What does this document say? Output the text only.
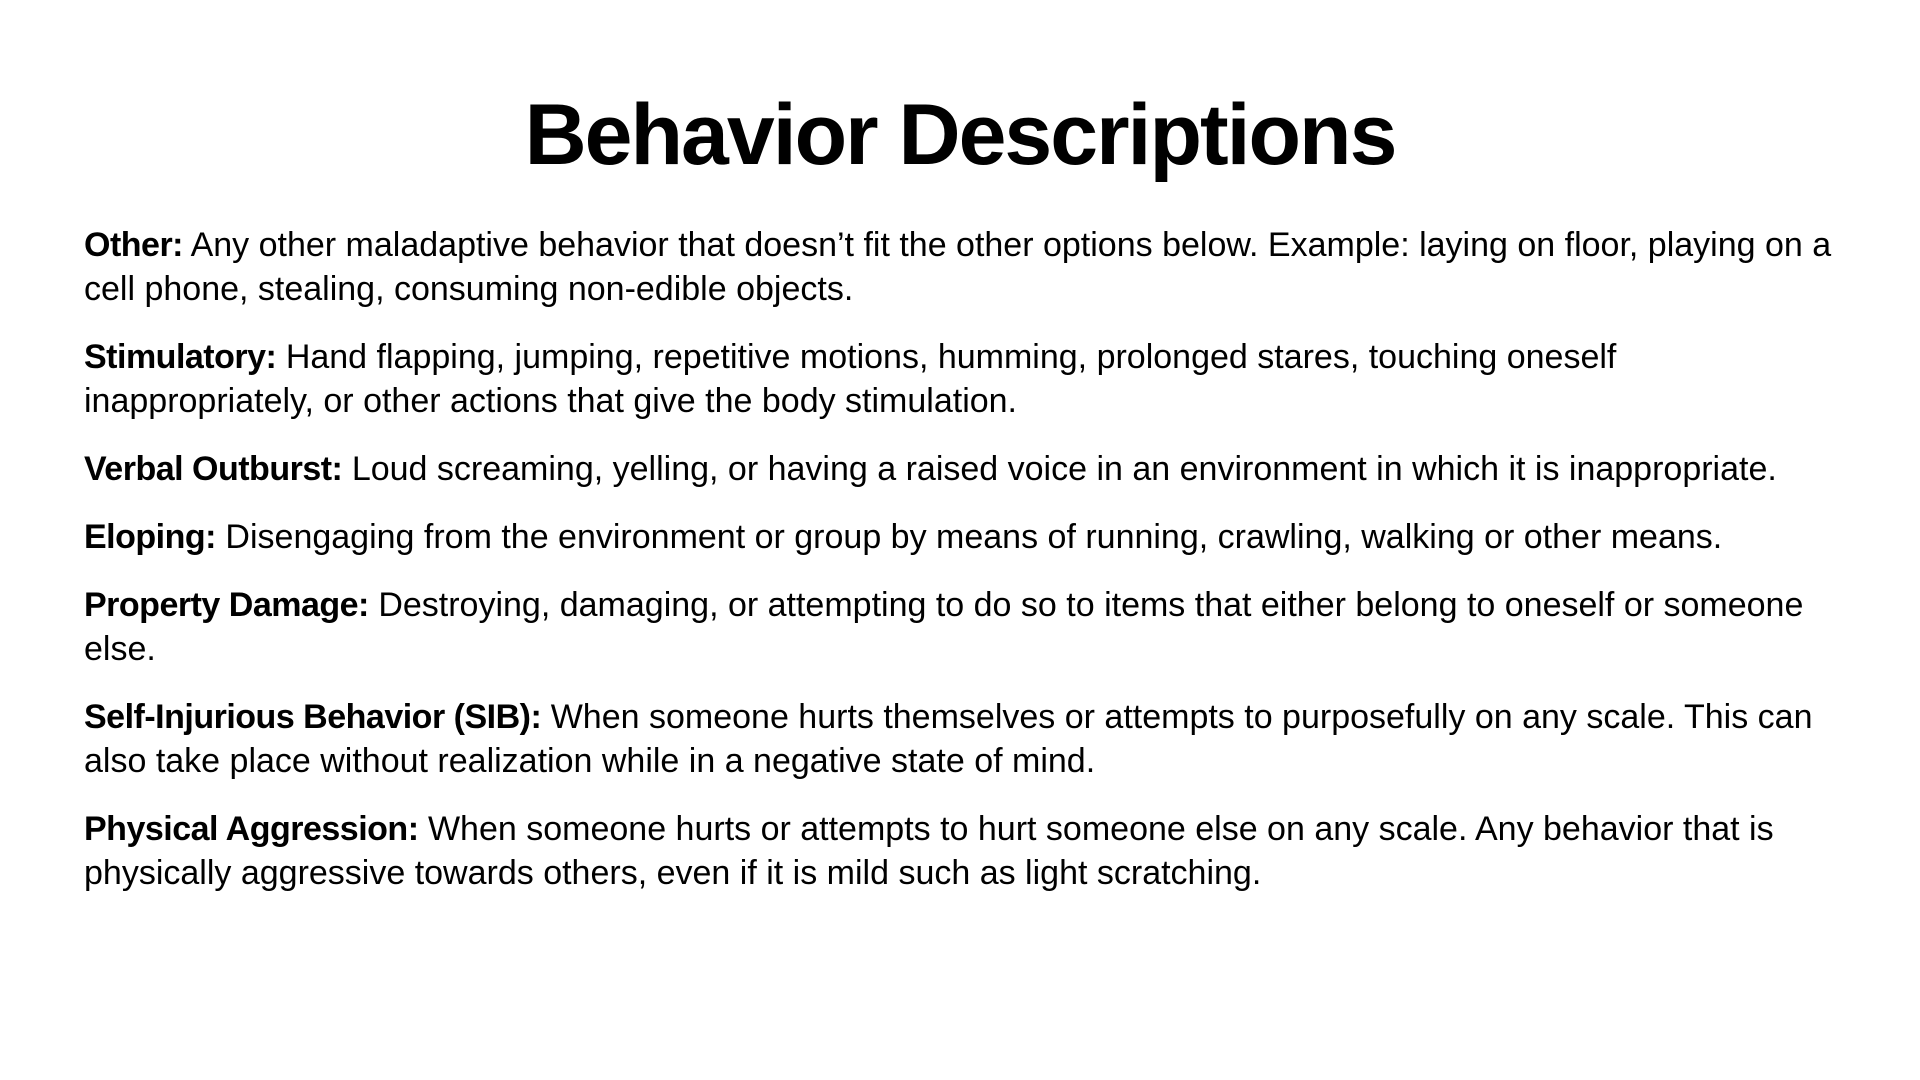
Behavior Descriptions

Other: Any other maladaptive behavior that doesn’t fit the other options below. Example: laying on floor, playing on a cell phone, stealing, consuming non-edible objects.

Stimulatory: Hand flapping, jumping, repetitive motions, humming, prolonged stares, touching oneself inappropriately, or other actions that give the body stimulation.

Verbal Outburst: Loud screaming, yelling, or having a raised voice in an environment in which it is inappropriate.

Eloping: Disengaging from the environment or group by means of running, crawling, walking or other means.

Property Damage: Destroying, damaging, or attempting to do so to items that either belong to oneself or someone else.

Self-Injurious Behavior (SIB): When someone hurts themselves or attempts to purposefully on any scale. This can also take place without realization while in a negative state of mind.

Physical Aggression: When someone hurts or attempts to hurt someone else on any scale. Any behavior that is physically aggressive towards others, even if it is mild such as light scratching.
